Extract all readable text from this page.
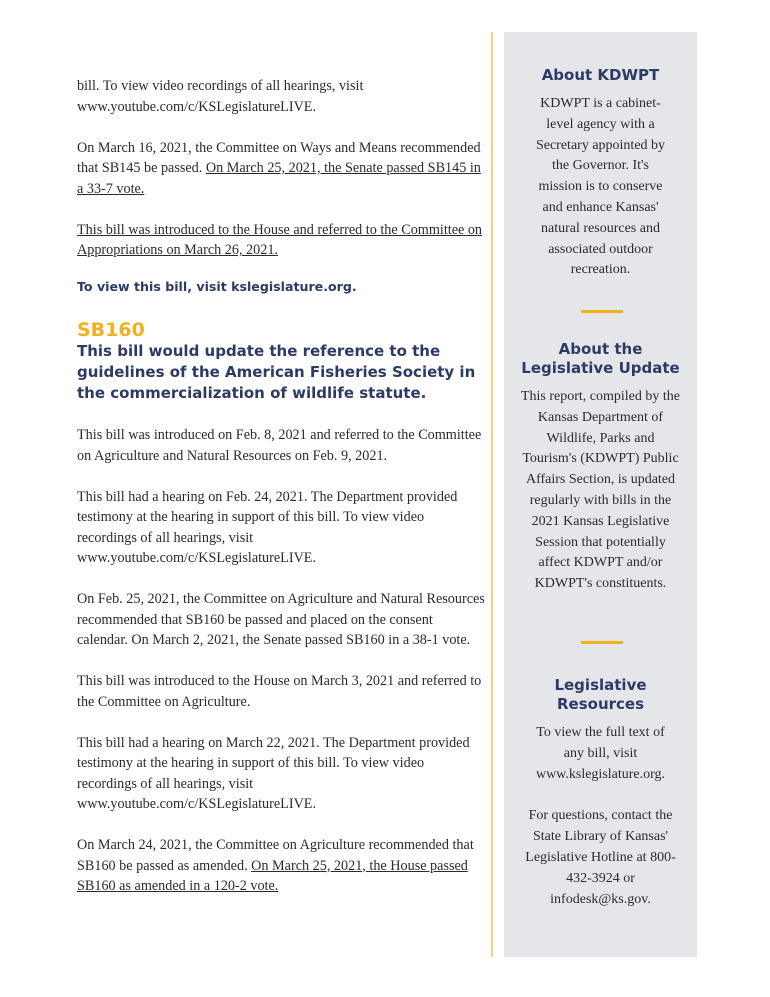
bill. To view video recordings of all hearings, visit www.youtube.com/c/KSLegislatureLIVE.

On March 16, 2021, the Committee on Ways and Means recommended that SB145 be passed. On March 25, 2021, the Senate passed SB145 in a 33-7 vote.

This bill was introduced to the House and referred to the Committee on Appropriations on March 26, 2021.

To view this bill, visit kslegislature.org.

SB160
This bill would update the reference to the guidelines of the American Fisheries Society in the commercialization of wildlife statute.

This bill was introduced on Feb. 8, 2021 and referred to the Committee on Agriculture and Natural Resources on Feb. 9, 2021.

This bill had a hearing on Feb. 24, 2021. The Department provided testimony at the hearing in support of this bill. To view video recordings of all hearings, visit www.youtube.com/c/KSLegislatureLIVE.

On Feb. 25, 2021, the Committee on Agriculture and Natural Resources recommended that SB160 be passed and placed on the consent calendar. On March 2, 2021, the Senate passed SB160 in a 38-1 vote.

This bill was introduced to the House on March 3, 2021 and referred to the Committee on Agriculture.

This bill had a hearing on March 22, 2021. The Department provided testimony at the hearing in support of this bill. To view video recordings of all hearings, visit www.youtube.com/c/KSLegislatureLIVE.

On March 24, 2021, the Committee on Agriculture recommended that SB160 be passed as amended. On March 25, 2021, the House passed SB160 as amended in a 120-2 vote.

About KDWPT
KDWPT is a cabinet-level agency with a Secretary appointed by the Governor. It's mission is to conserve and enhance Kansas' natural resources and associated outdoor recreation.
About the Legislative Update
This report, compiled by the Kansas Department of Wildlife, Parks and Tourism's (KDWPT) Public Affairs Section, is updated regularly with bills in the 2021 Kansas Legislative Session that potentially affect KDWPT and/or KDWPT's constituents.
Legislative Resources
To view the full text of any bill, visit www.kslegislature.org.
For questions, contact the State Library of Kansas' Legislative Hotline at 800-432-3924 or infodesk@ks.gov.
